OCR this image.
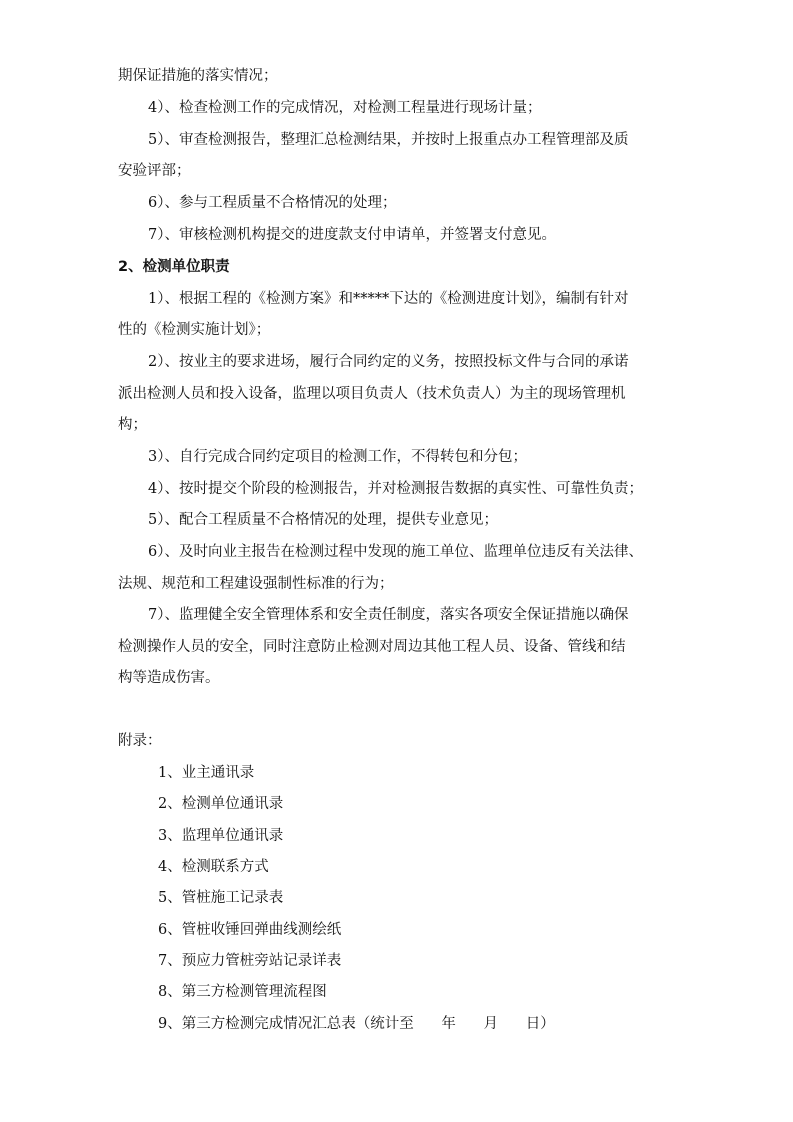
期保证措施的落实情况；
4）、检查检测工作的完成情况，对检测工程量进行现场计量；
5）、审查检测报告，整理汇总检测结果，并按时上报重点办工程管理部及质
安验评部；
6）、参与工程质量不合格情况的处理；
7）、审核检测机构提交的进度款支付申请单，并签署支付意见。
2、检测单位职责
1）、根据工程的《检测方案》和*****下达的《检测进度计划》，编制有针对
性的《检测实施计划》；
2）、按业主的要求进场，履行合同约定的义务，按照投标文件与合同的承诺
派出检测人员和投入设备，监理以项目负责人（技术负责人）为主的现场管理机
构；
3）、自行完成合同约定项目的检测工作，不得转包和分包；
4）、按时提交个阶段的检测报告，并对检测报告数据的真实性、可靠性负责；
5）、配合工程质量不合格情况的处理，提供专业意见；
6）、及时向业主报告在检测过程中发现的施工单位、监理单位违反有关法律、
法规、规范和工程建设强制性标准的行为；
7）、监理健全安全管理体系和安全责任制度，落实各项安全保证措施以确保
检测操作人员的安全，同时注意防止检测对周边其他工程人员、设备、管线和结
构等造成伤害。
附录：
1、业主通讯录
2、检测单位通讯录
3、监理单位通讯录
4、检测联系方式
5、管桩施工记录表
6、管桩收锤回弹曲线测绘纸
7、预应力管桩旁站记录详表
8、第三方检测管理流程图
9、第三方检测完成情况汇总表（统计至      年      月      日）
